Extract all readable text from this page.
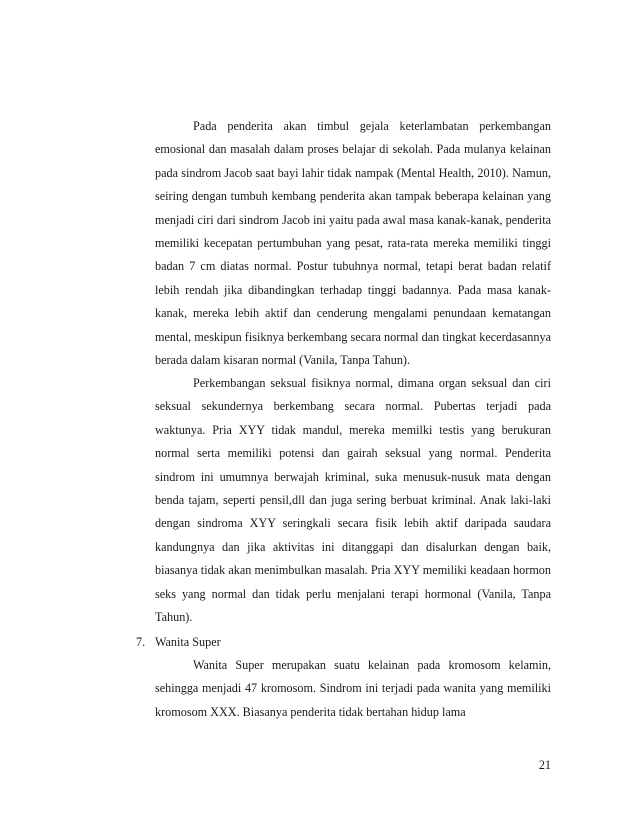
Pada penderita akan timbul gejala keterlambatan perkembangan emosional dan masalah dalam proses belajar di sekolah. Pada mulanya kelainan pada sindrom Jacob saat bayi lahir tidak nampak (Mental Health, 2010). Namun, seiring dengan tumbuh kembang penderita akan tampak beberapa kelainan yang menjadi ciri dari sindrom Jacob ini yaitu pada awal masa kanak-kanak, penderita memiliki kecepatan pertumbuhan yang pesat, rata-rata mereka memiliki tinggi badan 7 cm diatas normal. Postur tubuhnya normal, tetapi berat badan relatif lebih rendah jika dibandingkan terhadap tinggi badannya. Pada masa kanak-kanak, mereka lebih aktif dan cenderung mengalami penundaan kematangan mental, meskipun fisiknya berkembang secara normal dan tingkat kecerdasannya berada dalam kisaran normal (Vanila, Tanpa Tahun).

Perkembangan seksual fisiknya normal, dimana organ seksual dan ciri seksual sekundernya berkembang secara normal. Pubertas terjadi pada waktunya. Pria XYY tidak mandul, mereka memilki testis yang berukuran normal serta memiliki potensi dan gairah seksual yang normal. Penderita sindrom ini umumnya berwajah kriminal, suka menusuk-nusuk mata dengan benda tajam, seperti pensil,dll dan juga sering berbuat kriminal. Anak laki-laki dengan sindroma XYY seringkali secara fisik lebih aktif daripada saudara kandungnya dan jika aktivitas ini ditanggapi dan disalurkan dengan baik, biasanya tidak akan menimbulkan masalah. Pria XYY memiliki keadaan hormon seks yang normal dan tidak perlu menjalani terapi hormonal (Vanila, Tanpa Tahun).

7. Wanita Super

Wanita Super merupakan suatu kelainan pada kromosom kelamin, sehingga menjadi 47 kromosom. Sindrom ini terjadi pada wanita yang memiliki kromosom XXX. Biasanya penderita tidak bertahan hidup lama

21
